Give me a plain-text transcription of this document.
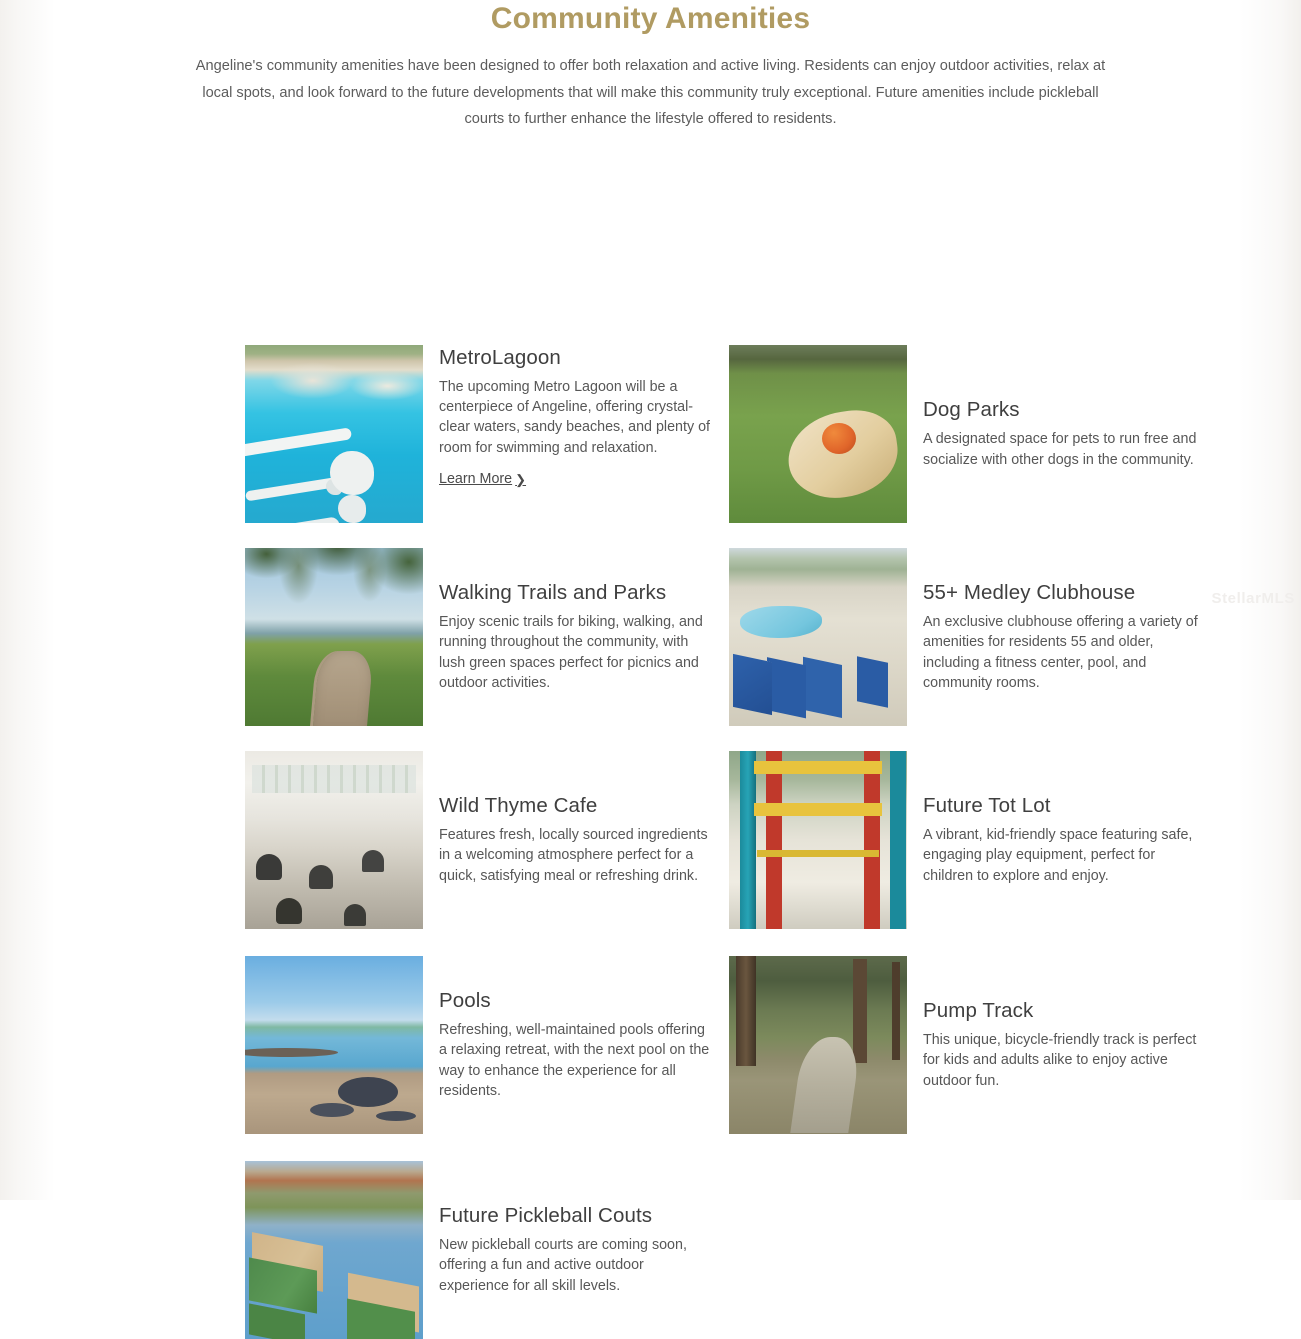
Community Amenities

Angeline's community amenities have been designed to offer both relaxation and active living. Residents can enjoy outdoor activities, relax at local spots, and look forward to the future developments that will make this community truly exceptional. Future amenities include pickleball courts to further enhance the lifestyle offered to residents.

MetroLagoon

The upcoming Metro Lagoon will be a centerpiece of Angeline, offering crystal-clear waters, sandy beaches, and plenty of room for swimming and relaxation.

Learn More ❯
Dog Parks

A designated space for pets to run free and socialize with other dogs in the community.

Walking Trails and Parks

Enjoy scenic trails for biking, walking, and running throughout the community, with lush green spaces perfect for picnics and outdoor activities.

55+ Medley Clubhouse

An exclusive clubhouse offering a variety of amenities for residents 55 and older, including a fitness center, pool, and community rooms.

Wild Thyme Cafe

Features fresh, locally sourced ingredients in a welcoming atmosphere perfect for a quick, satisfying meal or refreshing drink.

Future Tot Lot

A vibrant, kid-friendly space featuring safe, engaging play equipment, perfect for children to explore and enjoy.

Pools

Refreshing, well-maintained pools offering a relaxing retreat, with the next pool on the way to enhance the experience for all residents.

Pump Track

This unique, bicycle-friendly track is perfect for kids and adults alike to enjoy active outdoor fun.

Future Pickleball Couts

New pickleball courts are coming soon, offering a fun and active outdoor experience for all skill levels.

StellarMLS
